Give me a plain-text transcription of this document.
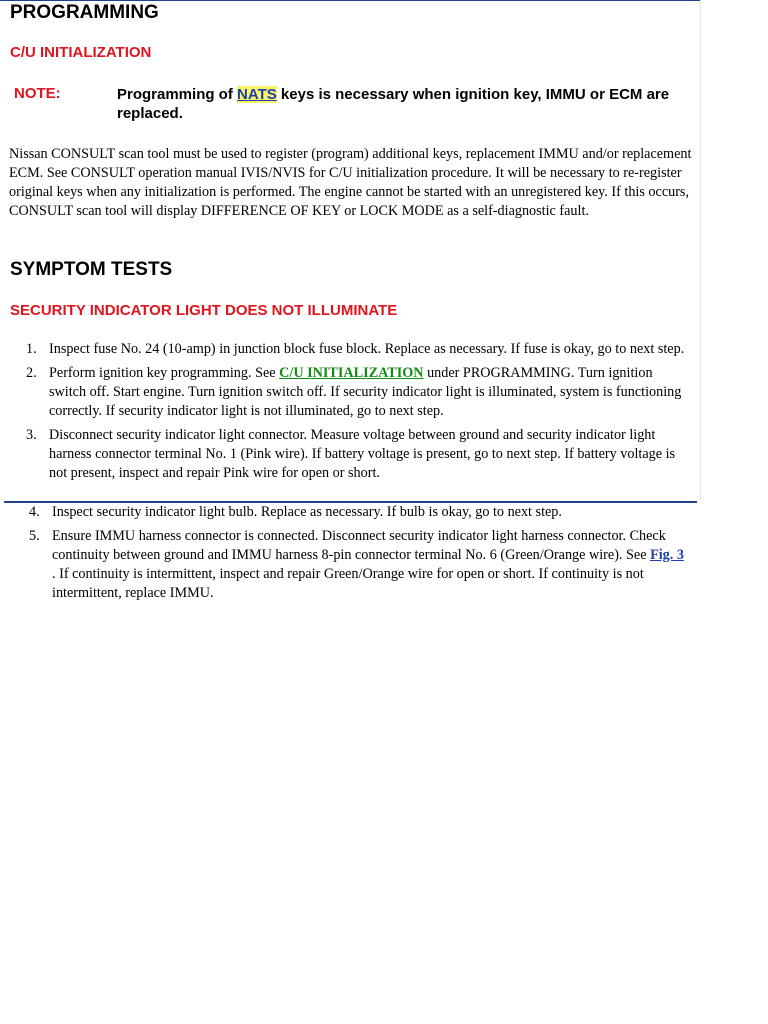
PROGRAMMING
C/U INITIALIZATION
NOTE:	Programming of NATS keys is necessary when ignition key, IMMU or ECM are replaced.

Nissan CONSULT scan tool must be used to register (program) additional keys, replacement IMMU and/or replacement ECM. See CONSULT operation manual IVIS/NVIS for C/U initialization procedure. It will be necessary to re-register original keys when any initialization is performed. The engine cannot be started with an unregistered key. If this occurs, CONSULT scan tool will display DIFFERENCE OF KEY or LOCK MODE as a self-diagnostic fault.

SYMPTOM TESTS
SECURITY INDICATOR LIGHT DOES NOT ILLUMINATE
1. Inspect fuse No. 24 (10-amp) in junction block fuse block. Replace as necessary. If fuse is okay, go to next step.
2. Perform ignition key programming. See C/U INITIALIZATION under PROGRAMMING. Turn ignition switch off. Start engine. Turn ignition switch off. If security indicator light is illuminated, system is functioning correctly. If security indicator light is not illuminated, go to next step.
3. Disconnect security indicator light connector. Measure voltage between ground and security indicator light harness connector terminal No. 1 (Pink wire). If battery voltage is present, go to next step. If battery voltage is not present, inspect and repair Pink wire for open or short.
4. Inspect security indicator light bulb. Replace as necessary. If bulb is okay, go to next step.
5. Ensure IMMU harness connector is connected. Disconnect security indicator light harness connector. Check continuity between ground and IMMU harness 8-pin connector terminal No. 6 (Green/Orange wire). See Fig. 3 . If continuity is intermittent, inspect and repair Green/Orange wire for open or short. If continuity is not intermittent, replace IMMU.
